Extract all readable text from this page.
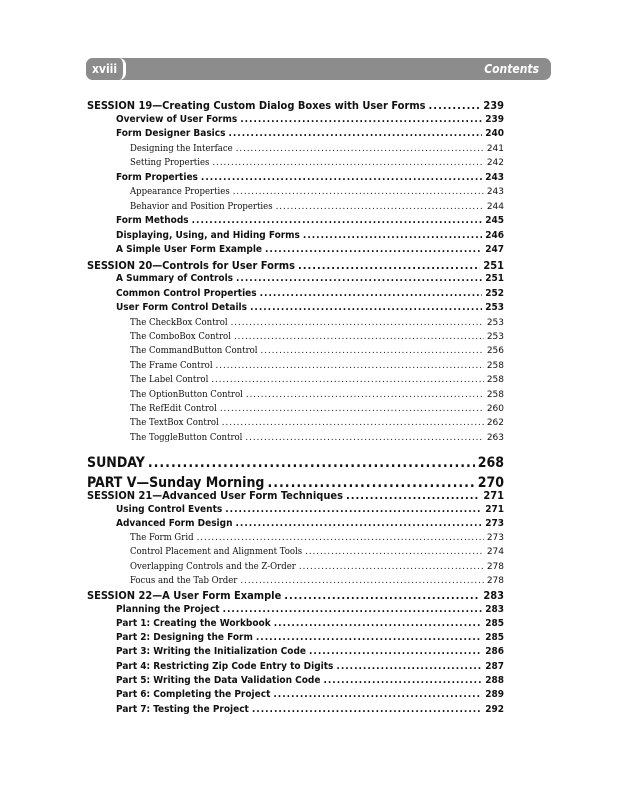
xviii	Contents
SESSION 19—Creating Custom Dialog Boxes with User Forms .....	239
Overview of User Forms .....	239
Form Designer Basics .....	240
Designing the Interface .....	241
Setting Properties .....	242
Form Properties .....	243
Appearance Properties .....	243
Behavior and Position Properties .....	244
Form Methods .....	245
Displaying, Using, and Hiding Forms .....	246
A Simple User Form Example .....	247
SESSION 20—Controls for User Forms .....	251
A Summary of Controls .....	251
Common Control Properties .....	252
User Form Control Details .....	253
The CheckBox Control .....	253
The ComboBox Control .....	253
The CommandButton Control .....	256
The Frame Control .....	258
The Label Control .....	258
The OptionButton Control .....	258
The RefEdit Control .....	260
The TextBox Control .....	262
The ToggleButton Control .....	263
SUNDAY .....	268
PART V—Sunday Morning .....	270
SESSION 21—Advanced User Form Techniques .....	271
Using Control Events .....	271
Advanced Form Design .....	273
The Form Grid .....	273
Control Placement and Alignment Tools .....	274
Overlapping Controls and the Z-Order .....	278
Focus and the Tab Order .....	278
SESSION 22—A User Form Example .....	283
Planning the Project .....	283
Part 1: Creating the Workbook .....	285
Part 2: Designing the Form .....	285
Part 3: Writing the Initialization Code .....	286
Part 4: Restricting Zip Code Entry to Digits .....	287
Part 5: Writing the Data Validation Code .....	288
Part 6: Completing the Project .....	289
Part 7: Testing the Project .....	292
